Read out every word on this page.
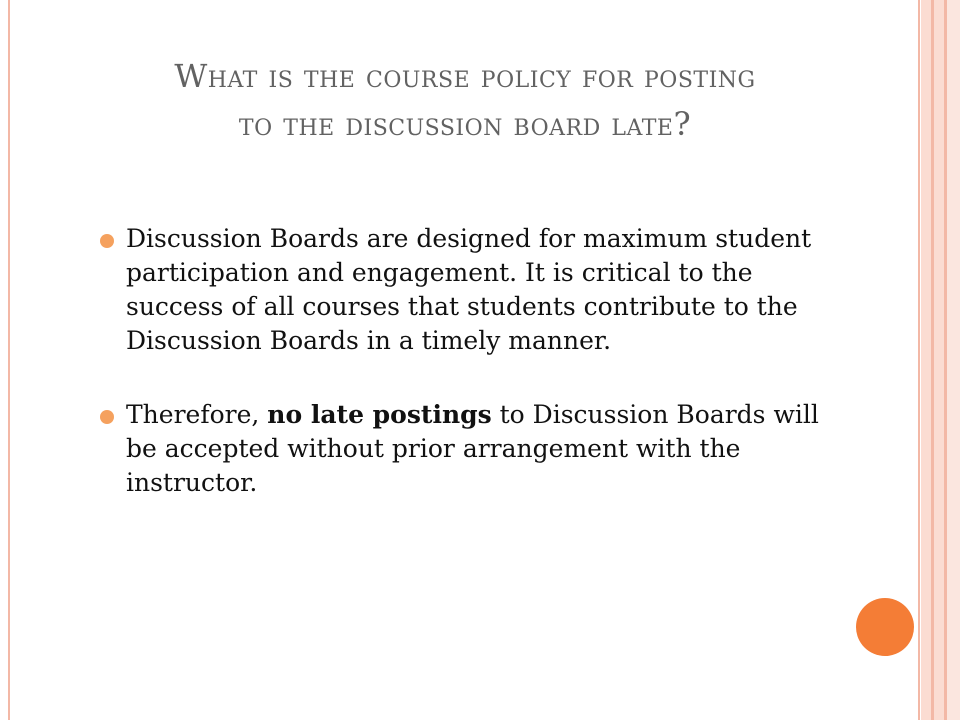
What is the course policy for posting
to the discussion board late?

Discussion Boards are designed for maximum student participation and engagement. It is critical to the success of all courses that students contribute to the Discussion Boards in a timely manner.

Therefore, no late postings to Discussion Boards will be accepted without prior arrangement with the instructor.
